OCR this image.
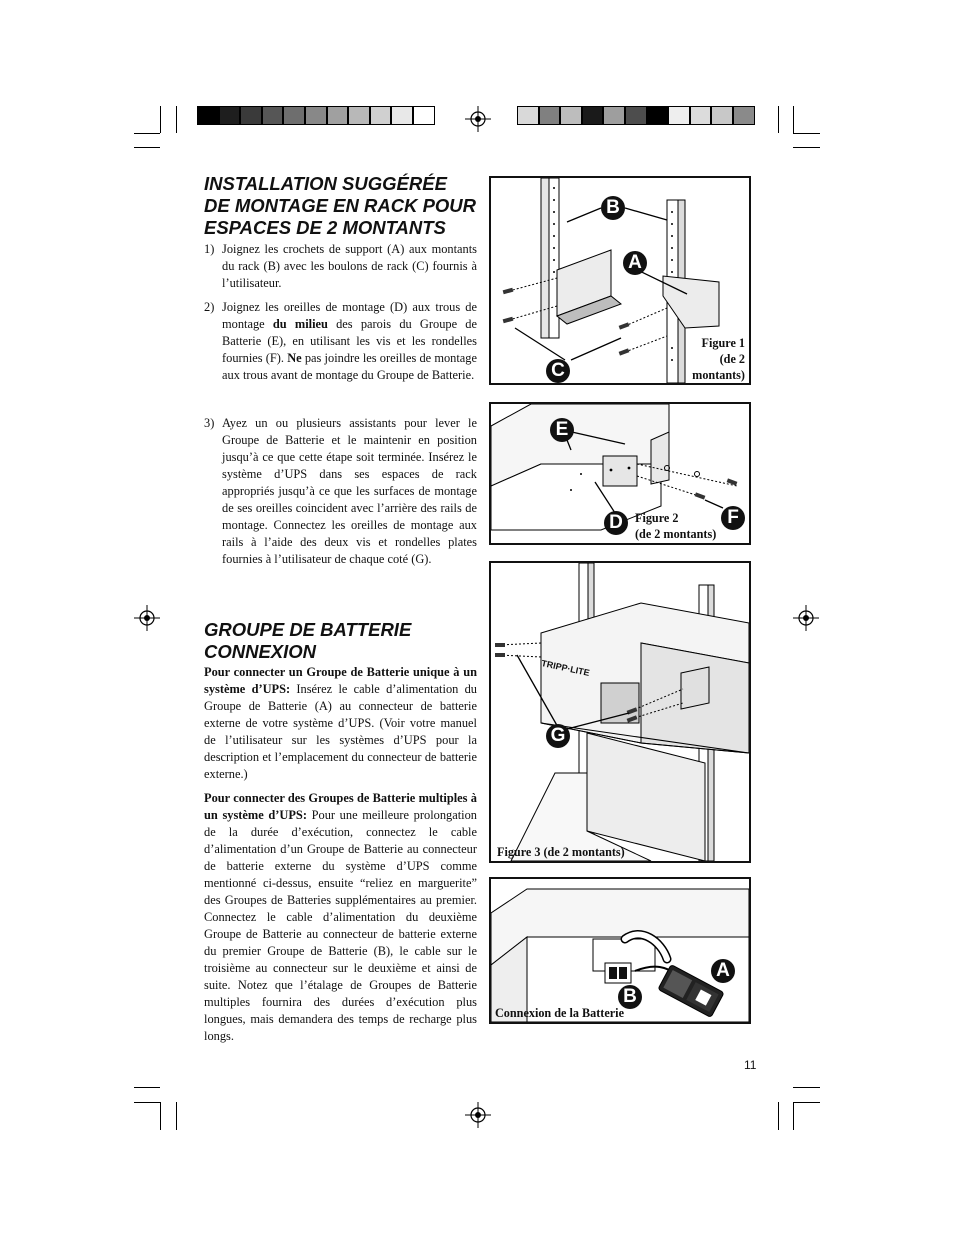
INSTALLATION SUGGÉRÉE
DE MONTAGE EN RACK POUR
ESPACES DE 2 MONTANTS
1) Joignez les crochets de support (A) aux montants du rack (B) avec les boulons de rack (C) fournis à l’utilisateur.
2) Joignez les oreilles de montage (D) aux trous de montage du milieu des parois du Groupe de Batterie (E), en utilisant les vis et les rondelles fournies (F). Ne pas joindre les oreilles de montage aux trous avant de montage du Groupe de Batterie.
3) Ayez un ou plusieurs assistants pour lever le Groupe de Batterie et le maintenir en position jusqu’à ce que cette étape soit terminée. Insérez le système d’UPS dans ses espaces de rack appropriés jusqu’à ce que les surfaces de montage de ses oreilles coincident avec l’arrière des rails de montage. Connectez les oreilles de montage aux rails à l’aide des deux vis et rondelles plates fournies à l’utilisateur de chaque coté (G).
GROUPE DE BATTERIE
CONNEXION
Pour connecter un Groupe de Batterie unique à un système d’UPS: Insérez le cable d’alimentation du Groupe de Batterie (A) au connecteur de batterie externe de votre système d’UPS. (Voir votre manuel de l’utilisateur sur les systèmes d’UPS pour la description et l’emplacement du connecteur de batterie externe.)
Pour connecter des Groupes de Batterie multiples à un système d’UPS: Pour une meilleure prolongation de la durée d’exécution, connectez le cable d’alimentation d’un Groupe de Batterie au connecteur de batterie externe du système d’UPS comme mentionné ci-dessus, ensuite “reliez en marguerite” des Groupes de Batteries supplémentaires au premier. Connectez le cable d’alimentation du deuxième Groupe de Batterie au connecteur de batterie externe du premier Groupe de Batterie (B), le cable sur le troisième au connecteur sur le deuxième et ainsi de suite. Notez que l’étalage de Groupes de Batterie multiples fournira des durées d’exécution plus longues, mais demandera des temps de recharge plus longs.
B
A
C
Figure 1
(de 2
montants)
E
D	F
Figure 2
(de 2 montants)
TRIPP·LITE
G
Figure 3 (de 2 montants)
A
B
Connexion de la Batterie
11
